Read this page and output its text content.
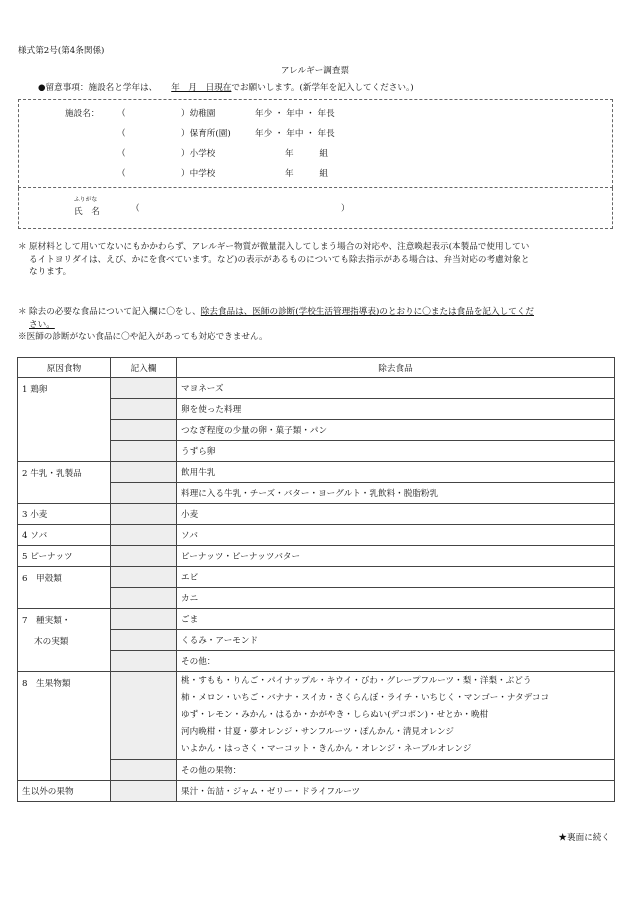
様式第2号(第4条関係)
アレルギー調査票
●留意事項：施設名と学年は、 年　月　日現在でお願いします。(新学年を記入してください。)
施設名： （	）幼稚園	年少 ・ 年中 ・ 年長
（	）保育所(園)	年少 ・ 年中 ・ 年長
（	）小学校	年　　　組
（	）中学校	年　　　組
ふりがな
氏　名	（	）
＊ 原材料として用いてないにもかかわらず、アレルギー物質が微量混入してしまう場合の対応や、注意喚起表示(本製品で使用してい
るイトヨリダイは、えび、かにを食べています。など)の表示があるものについても除去指示がある場合は、弁当対応の考慮対象と
なります。
＊ 除去の必要な食品について記入欄に〇をし、除去食品は、医師の診断(学校生活管理指導表)のとおりに〇または食品を記入してくだ
さい。
※医師の診断がない食品に〇や記入があっても対応できません。
原因食物	記入欄	除去食品
1 鶏卵		マヨネーズ
		卵を使った料理
		つなぎ程度の少量の卵・菓子類・パン
		うずら卵
2 牛乳・乳製品		飲用牛乳
		料理に入る牛乳・チーズ・バター・ヨーグルト・乳飲料・脱脂粉乳
3 小麦		小麦
4 ソバ		ソバ
5 ピーナッツ		ピーナッツ・ピーナッツバター
6　甲殻類		エビ
		カニ

7　種実類・
木の実類		ごま
		くるみ・アーモンド
		その他：
8　生果物類		桃・すもも・りんご・パイナップル・キウイ・びわ・グレープフルーツ・梨・洋梨・ぶどう
柿・メロン・いちご・バナナ・スイカ・さくらんぼ・ライチ・いちじく・マンゴー・ナタデココ
ゆず・レモン・みかん・はるか・かがやき・しらぬい(デコポン)・せとか・晩柑
河内晩柑・甘夏・夢オレンジ・サンフルーツ・ぽんかん・清見オレンジ
いよかん・はっさく・マーコット・きんかん・オレンジ・ネーブルオレンジ

		その他の果物：
生以外の果物		果汁・缶詰・ジャム・ゼリー・ドライフルーツ
★裏面に続く
